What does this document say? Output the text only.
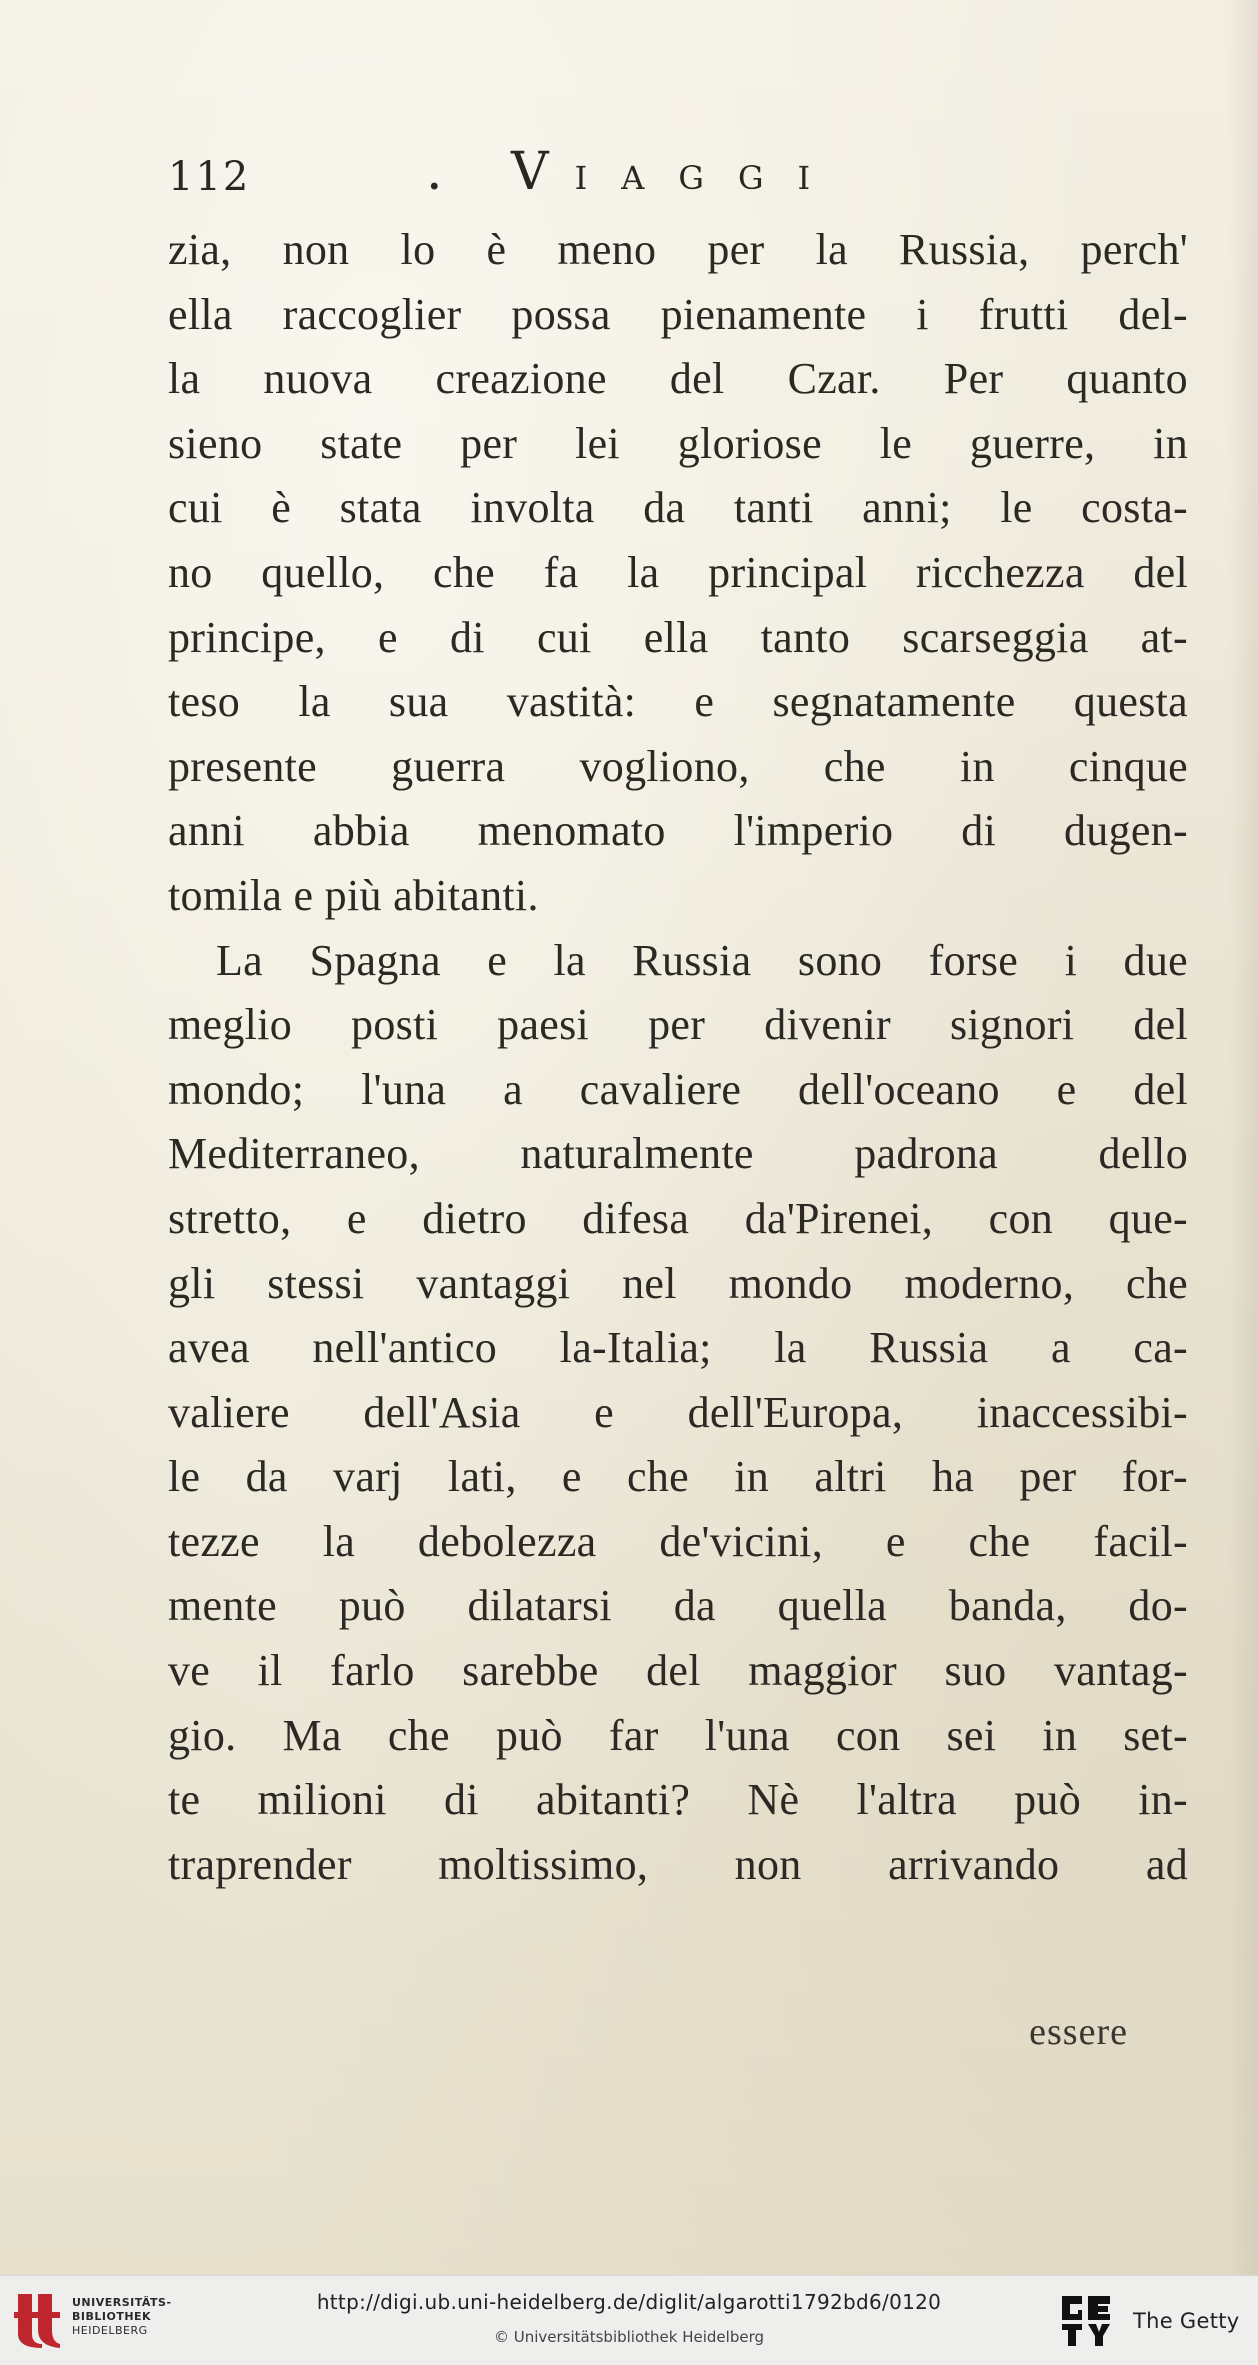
112	. VIAGGI
zia, non lo è meno per la Russia, perch'
ella raccoglier possa pienamente i frutti del-
la nuova creazione del Czar. Per quanto
sieno state per lei gloriose le guerre, in
cui è stata involta da tanti anni; le costa-
no quello, che fa la principal ricchezza del
principe, e di cui ella tanto scarseggia at-
teso la sua vastità: e segnatamente questa
presente guerra vogliono, che in cinque
anni abbia menomato l'imperio di dugen-
tomila e più abitanti.
La Spagna e la Russia sono forse i due
meglio posti paesi per divenir signori del
mondo; l'una a cavaliere dell'oceano e del
Mediterraneo, naturalmente padrona dello
stretto, e dietro difesa da'Pirenei, con que-
gli stessi vantaggi nel mondo moderno, che
avea nell'antico la-Italia; la Russia a ca-
valiere dell'Asia e dell'Europa, inaccessibi-
le da varj lati, e che in altri ha per for-
tezze la debolezza de'vicini, e che facil-
mente può dilatarsi da quella banda, do-
ve il farlo sarebbe del maggior suo vantag-
gio. Ma che può far l'una con sei in set-
te milioni di abitanti? Nè l'altra può in-
traprender moltissimo, non arrivando ad
essere
UNIVERSITÄTS-
BIBLIOTHEK
HEIDELBERG
http://digi.ub.uni-heidelberg.de/diglit/algarotti1792bd6/0120
© Universitätsbibliothek Heidelberg
The Getty
